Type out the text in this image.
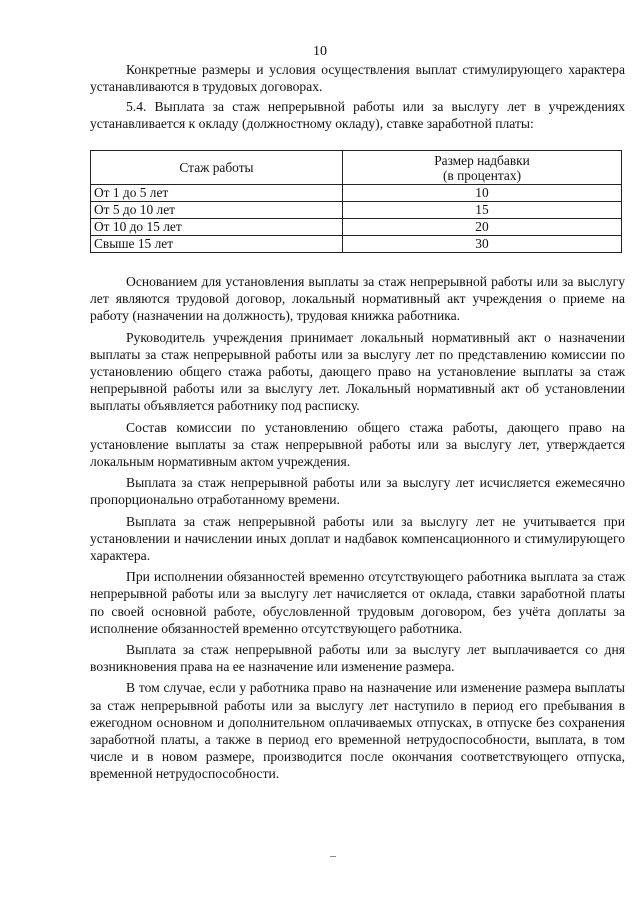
10

Конкретные размеры и условия осуществления выплат стимулирующего характера устанавливаются в трудовых договорах.

5.4. Выплата за стаж непрерывной работы или за выслугу лет в учреждениях устанавливается к окладу (должностному окладу), ставке заработной платы:

Стаж работы	Размер надбавки
(в процентах)
От 1 до 5 лет	10
От 5 до 10 лет	15
От 10 до 15 лет	20
Свыше 15 лет	30

Основанием для установления выплаты за стаж непрерывной работы или за выслугу лет являются трудовой договор, локальный нормативный акт учреждения о приеме на работу (назначении на должность), трудовая книжка работника.

Руководитель учреждения принимает локальный нормативный акт о назначении выплаты за стаж непрерывной работы или за выслугу лет по представлению комиссии по установлению общего стажа работы, дающего право на установление выплаты за стаж непрерывной работы или за выслугу лет. Локальный нормативный акт об установлении выплаты объявляется работнику под расписку.

Состав комиссии по установлению общего стажа работы, дающего право на установление выплаты за стаж непрерывной работы или за выслугу лет, утверждается локальным нормативным актом учреждения.

Выплата за стаж непрерывной работы или за выслугу лет исчисляется ежемесячно пропорционально отработанному времени.

Выплата за стаж непрерывной работы или за выслугу лет не учитывается при установлении и начислении иных доплат и надбавок компенсационного и стимулирующего характера.

При исполнении обязанностей временно отсутствующего работника выплата за стаж непрерывной работы или за выслугу лет начисляется от оклада, ставки заработной платы по своей основной работе, обусловленной трудовым договором, без учёта доплаты за исполнение обязанностей временно отсутствующего работника.

Выплата за стаж непрерывной работы или за выслугу лет выплачивается со дня возникновения права на ее назначение или изменение размера.

В том случае, если у работника право на назначение или изменение размера выплаты за стаж непрерывной работы или за выслугу лет наступило в период его пребывания в ежегодном основном и дополнительном оплачиваемых отпусках, в отпуске без сохранения заработной платы, а также в период его временной нетрудоспособности, выплата, в том числе и в новом размере, производится после окончания соответствующего отпуска, временной нетрудоспособности.
